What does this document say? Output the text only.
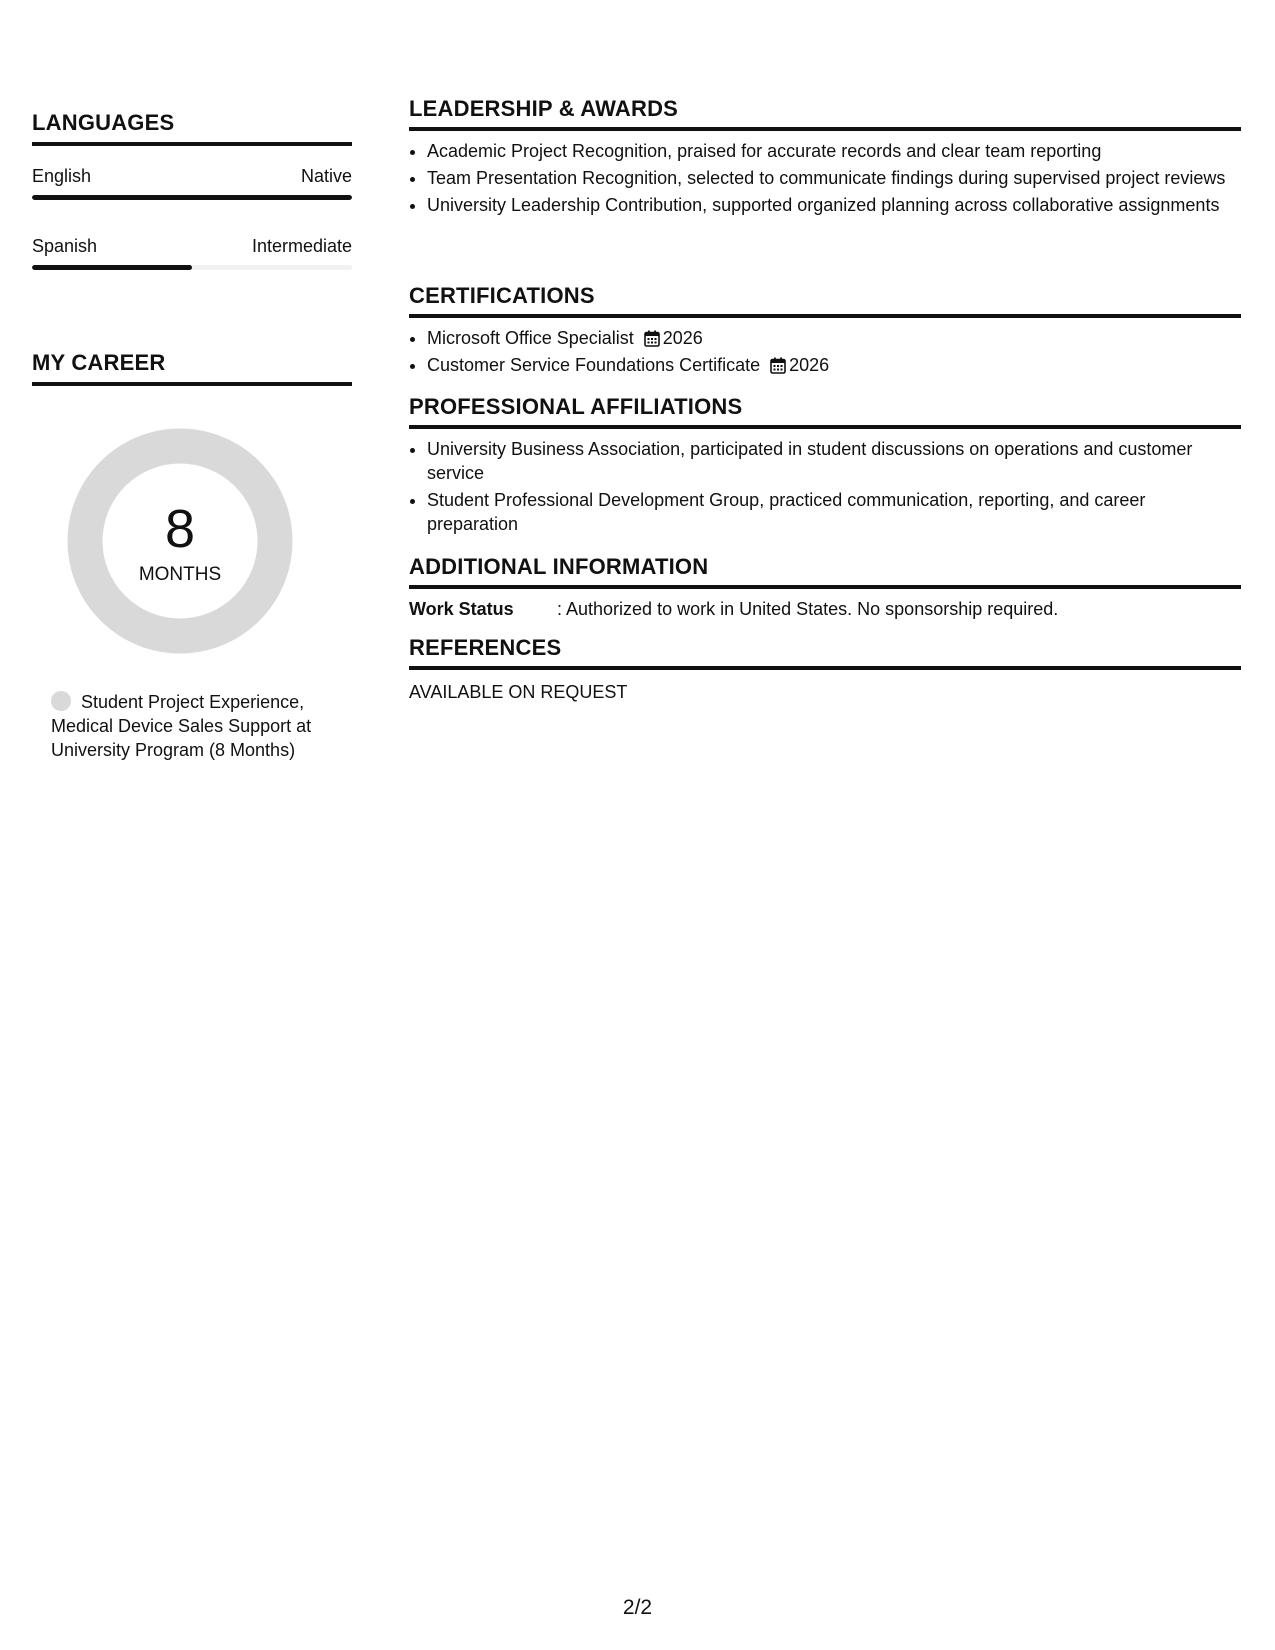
LANGUAGES
English	Native
Spanish	Intermediate
MY CAREER
8
MONTHS
Student Project Experience, Medical Device Sales Support at University Program (8 Months)
LEADERSHIP & AWARDS
• Academic Project Recognition, praised for accurate records and clear team reporting
• Team Presentation Recognition, selected to communicate findings during supervised project reviews
• University Leadership Contribution, supported organized planning across collaborative assignments
CERTIFICATIONS
• Microsoft Office Specialist 2026
• Customer Service Foundations Certificate 2026
PROFESSIONAL AFFILIATIONS
• University Business Association, participated in student discussions on operations and customer service
• Student Professional Development Group, practiced communication, reporting, and career preparation
ADDITIONAL INFORMATION
Work Status : Authorized to work in United States. No sponsorship required.
REFERENCES
AVAILABLE ON REQUEST
2/2
